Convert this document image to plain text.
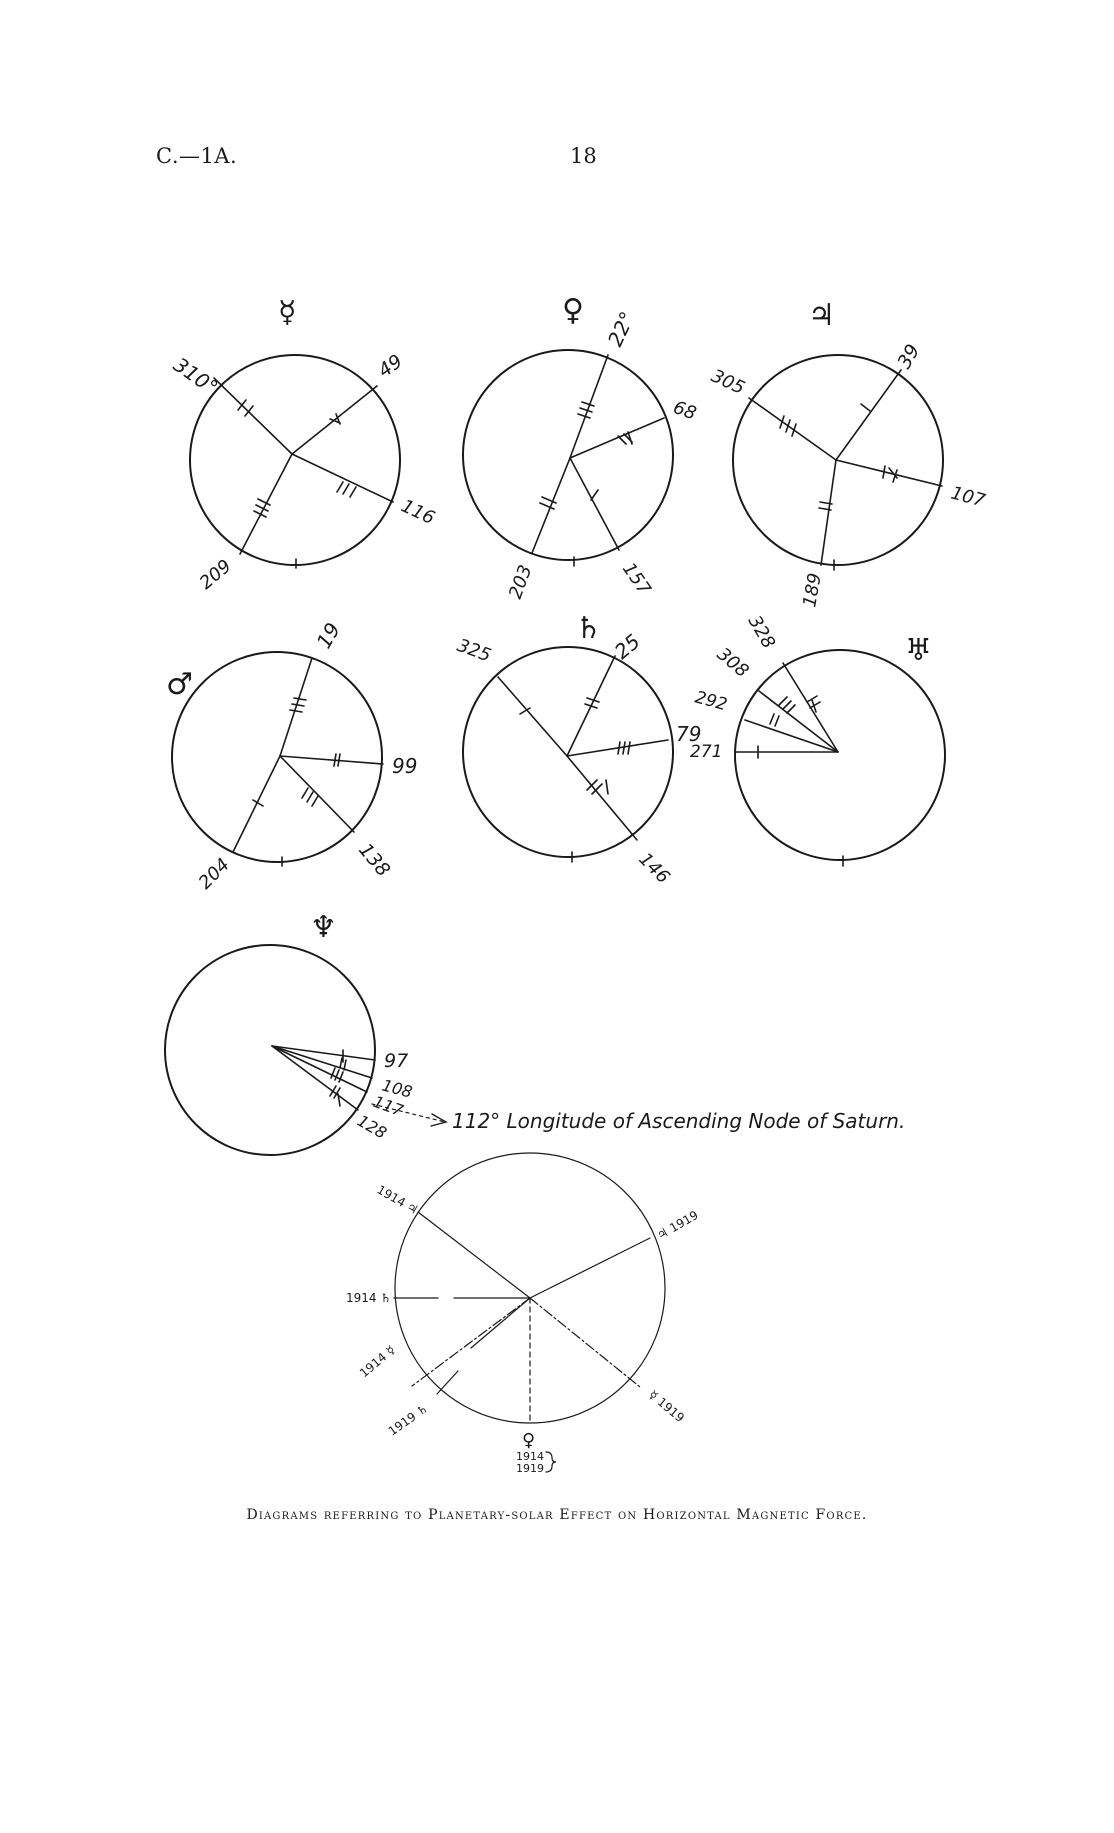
C.—1A.	18
☿
310°	49
116
209
♀ 22°
68
157
203
♃
305
39
107
189
♂
19
99
138
204
♄
325	25
79
146
♅
328
308
292
271
♆
97
108
117
128	112° Longitude of Ascending Node of Saturn.
1914 ♃
♃ 1919
1914 ♄
1914 ☿
1919 ♄	☿ 1919
♀
1914
1919
Diagrams referring to Planetary-solar Effect on Horizontal Magnetic Force.
